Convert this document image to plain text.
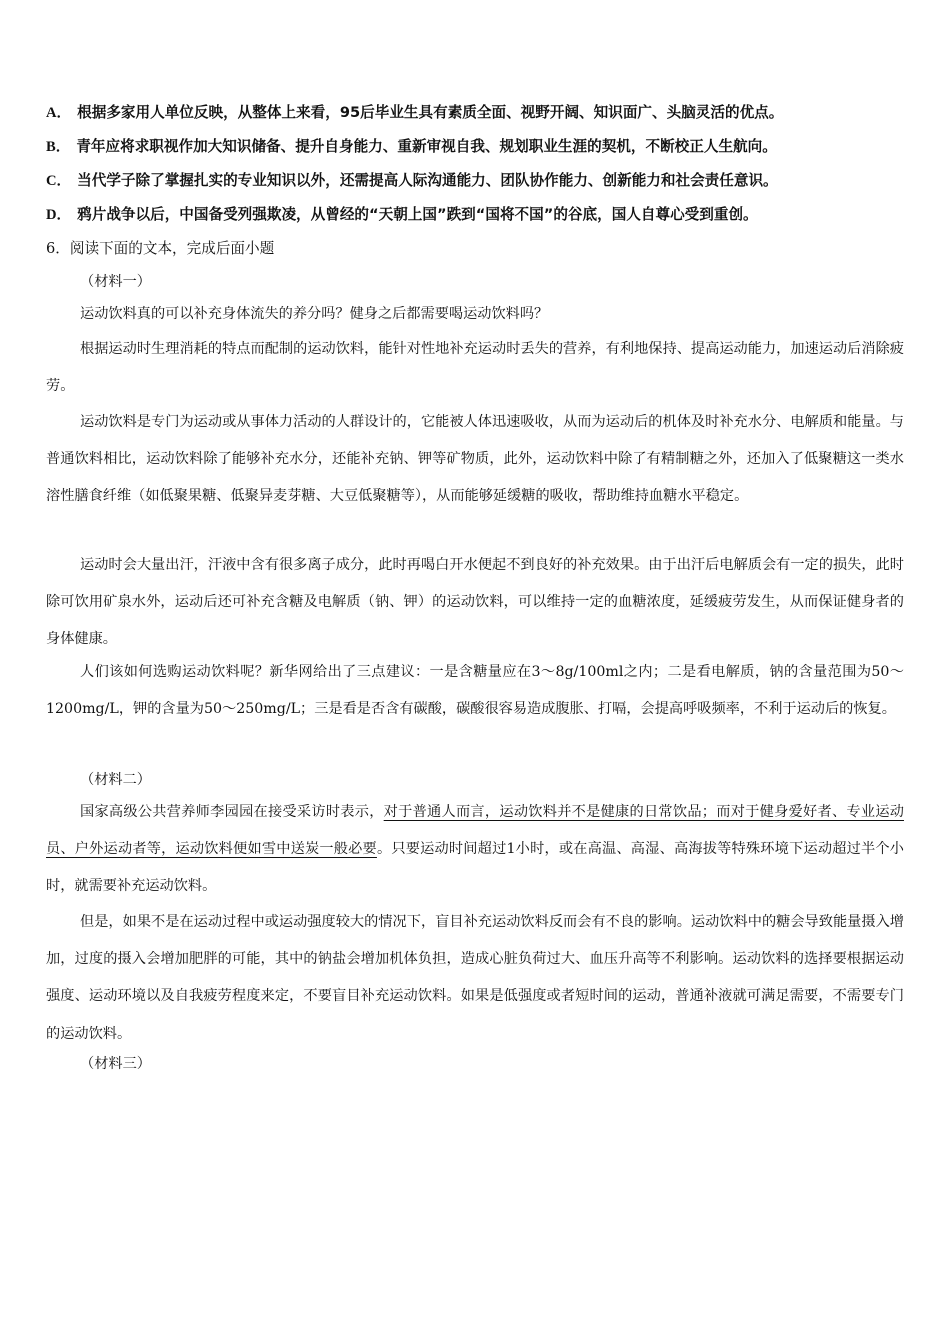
A． 根据多家用人单位反映，从整体上来看，95后毕业生具有素质全面、视野开阔、知识面广、头脑灵活的优点。
B． 青年应将求职视作加大知识储备、提升自身能力、重新审视自我、规划职业生涯的契机，不断校正人生航向。
C． 当代学子除了掌握扎实的专业知识以外，还需提高人际沟通能力、团队协作能力、创新能力和社会责任意识。
D． 鸦片战争以后，中国备受列强欺凌，从曾经的“天朝上国”跌到“国将不国”的谷底，国人自尊心受到重创。
6．阅读下面的文本，完成后面小题
（材料一）

运动饮料真的可以补充身体流失的养分吗？健身之后都需要喝运动饮料吗？

根据运动时生理消耗的特点而配制的运动饮料，能针对性地补充运动时丢失的营养，有利地保持、提高运动能力，加速运动后消除疲劳。

运动饮料是专门为运动或从事体力活动的人群设计的，它能被人体迅速吸收，从而为运动后的机体及时补充水分、电解质和能量。与普通饮料相比，运动饮料除了能够补充水分，还能补充钠、钾等矿物质，此外，运动饮料中除了有精制糖之外，还加入了低聚糖这一类水溶性膳食纤维（如低聚果糖、低聚异麦芽糖、大豆低聚糖等），从而能够延缓糖的吸收，帮助维持血糖水平稳定。

运动时会大量出汗，汗液中含有很多离子成分，此时再喝白开水便起不到良好的补充效果。由于出汗后电解质会有一定的损失，此时除可饮用矿泉水外，运动后还可补充含糖及电解质（钠、钾）的运动饮料，可以维持一定的血糖浓度，延缓疲劳发生，从而保证健身者的身体健康。

人们该如何选购运动饮料呢？新华网给出了三点建议：一是含糖量应在3～8g/100ml之内；二是看电解质，钠的含量范围为50～1200mg/L，钾的含量为50～250mg/L；三是看是否含有碳酸，碳酸很容易造成腹胀、打嗝，会提高呼吸频率，不利于运动后的恢复。

（材料二）

国家高级公共营养师李园园在接受采访时表示，对于普通人而言，运动饮料并不是健康的日常饮品；而对于健身爱好者、专业运动员、户外运动者等，运动饮料便如雪中送炭一般必要。只要运动时间超过1小时，或在高温、高湿、高海拔等特殊环境下运动超过半个小时，就需要补充运动饮料。

但是，如果不是在运动过程中或运动强度较大的情况下，盲目补充运动饮料反而会有不良的影响。运动饮料中的糖会导致能量摄入增加，过度的摄入会增加肥胖的可能，其中的钠盐会增加机体负担，造成心脏负荷过大、血压升高等不利影响。运动饮料的选择要根据运动强度、运动环境以及自我疲劳程度来定，不要盲目补充运动饮料。如果是低强度或者短时间的运动，普通补液就可满足需要，不需要专门的运动饮料。

（材料三）
